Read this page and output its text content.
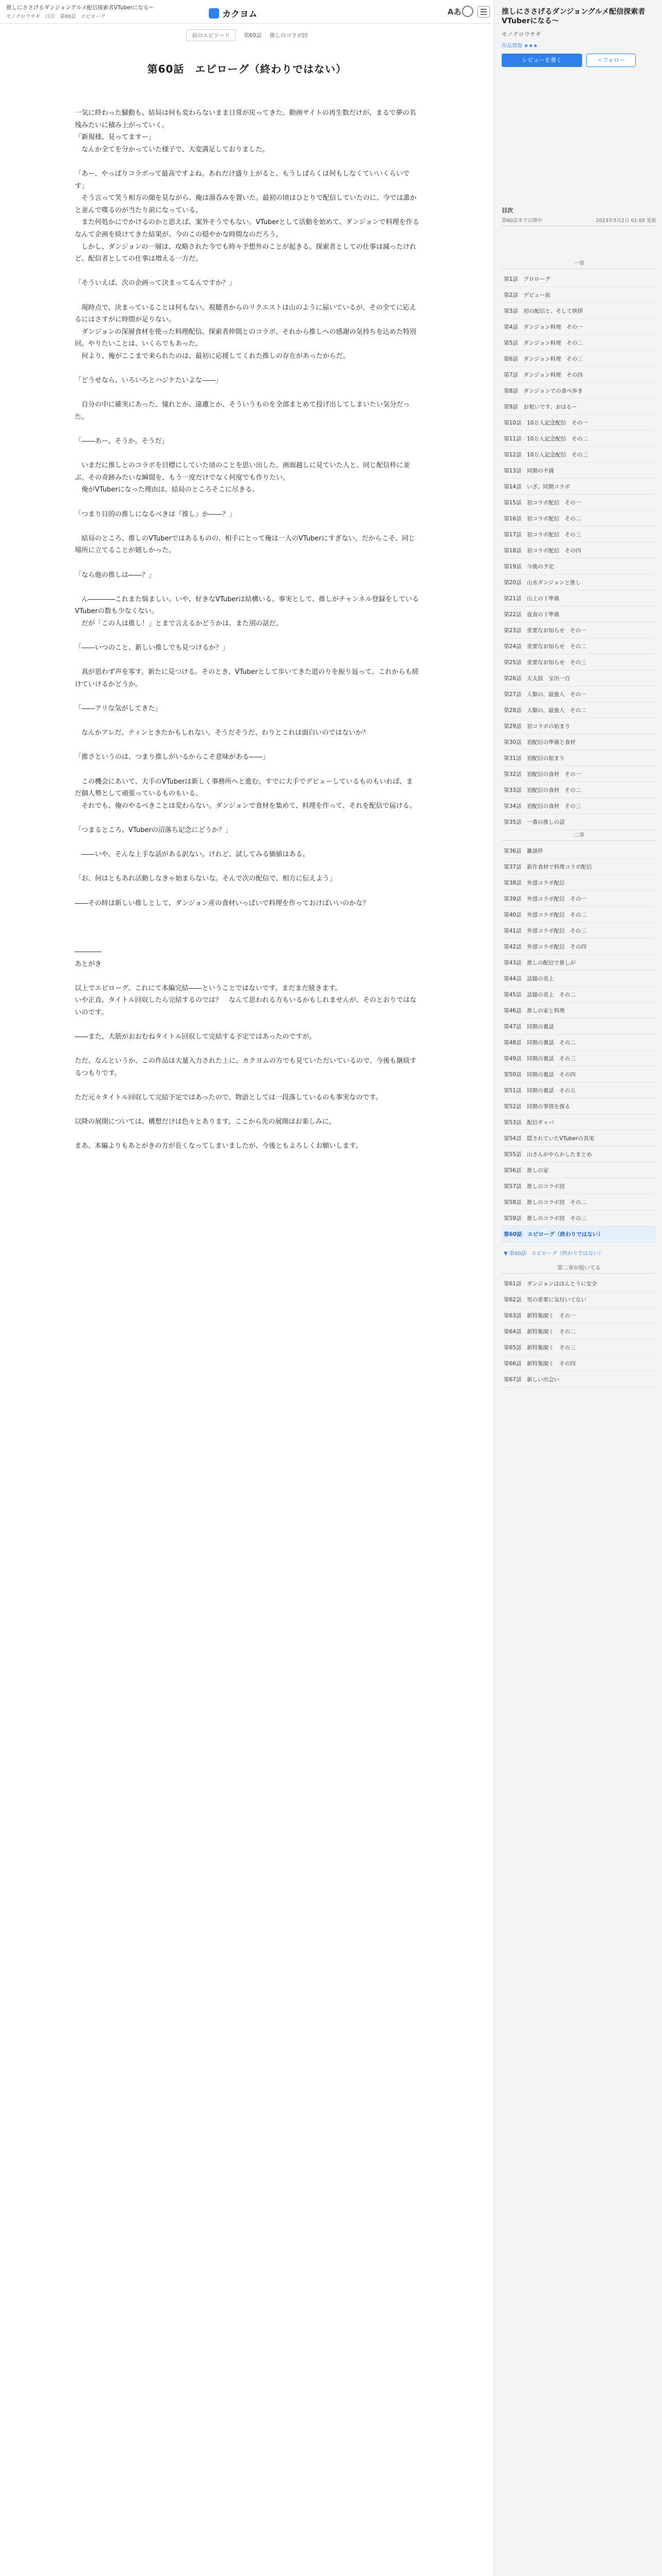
推しにささげるダンジョングルメ配信探索者VTuberになる〜
モノクロウサギ　目次　第60話　エピローグ	カクヨム	Aあ
前のエピソード	第60話 推しのコラボ回
第60話　エピローグ（終わりではない）

一気に終わった騒動も、結局は何も変わらないまま日常が戻ってきた。動画サイトの再生数だけが、まるで夢の名残みたいに積み上がっていく。

「新規様、見ってますー」

　なんか全てを分かっていた様子で、大変満足しておりました。

「あー、やっぱりコラボって最高ですよね。あれだけ盛り上がると、もうしばらくは何もしなくていいくらいです」

　そう言って笑う相方の顔を見ながら、俺は湯呑みを置いた。最初の頃はひとりで配信していたのに、今では誰かと並んで喋るのが当たり前になっている。

　また何処かにでかけるのかと思えば、案外そうでもない。VTuberとして活動を始めて、ダンジョンで料理を作るなんて企画を続けてきた結果が、今のこの穏やかな時間なのだろう。

　しかし、ダンジョンの一層は、攻略された今でも時々予想外のことが起きる。探索者としての仕事は減ったけれど、配信者としての仕事は増える一方だ。

「そういえば、次の企画って決まってるんですか？」

　現時点で、決まっていることは何もない。視聴者からのリクエストは山のように届いているが、その全てに応えるにはさすがに時間が足りない。

　ダンジョンの深層食材を使った料理配信、探索者仲間とのコラボ、それから推しへの感謝の気持ちを込めた特別回。やりたいことは、いくらでもあった。

　何より、俺がここまで来られたのは、最初に応援してくれた推しの存在があったからだ。

「どうせなら、いろいろとハジケたいよな――」

　自分の中に確実にあった、憧れとか、遠慮とか、そういうものを全部まとめて投げ出してしまいたい気分だった。

「――あー、そうか。そうだ」

　いまだに推しとのコラボを目標にしていた頃のことを思い出した。画面越しに見ていた人と、同じ配信枠に並ぶ。その奇跡みたいな瞬間を、もう一度だけでなく何度でも作りたい。

　俺がVTuberになった理由は、結局のところそこに尽きる。

「つまり目的の推しになるべきは『推し』か――？」

　結局のところ、推しのVTuberではあるものの、相手にとって俺は一人のVTuberにすぎない。だからこそ、同じ場所に立てることが嬉しかった。

「なら他の推しは――？」

　ん――――これまた悩ましい。いや、好きなVTuberは結構いる。事実として、推しがチャンネル登録をしているVTuberの数も少なくない。

　だが「この人は推し！」とまで言えるかどうかは、また別の話だ。

「――いつのこと、新しい推しでも見つけるか？」

　真が思わず声を零す。新たに見つける。そのとき、VTuberとして歩いてきた道のりを振り返って、これからも続けていけるかどうか。

「――アリな気がしてきた」

　なんかアレだ、ティンときたかもしれない。そうだそうだ、わりとこれは面白いのではないか？

「推さというのは、つまり推しがいるからこそ意味がある――」

　この機会にあいて、大手のVTuberは新しく事務所へと進む。すでに大手でデビューしているものもいれば、まだ個人勢として頑張っているものもいる。

　それでも、俺のやるべきことは変わらない。ダンジョンで食材を集めて、料理を作って、それを配信で届ける。

「つまるところ、VTuberの沼落ち記念にどうか？」

　――いや、そんな上手な話がある訳ない。けれど、試してみる価値はある。

「お、何はともあれ活動しなきゃ始まらないな。そんで次の配信で、相方に伝えよう」

――その時は新しい推しとして、ダンジョン産の食材いっぱいで料理を作っておけばいいのかな？

――――

あとがき

以上でエピローグ、これにて本編完結――ということではないです。まだまだ続きます。

いや正直、タイトル回収したら完結するのでは？　なんて思われる方もいるかもしれませんが、そのとおりではないのです。

――また、大筋がおおむねタイトル回収して完結する予定ではあったのですが。

ただ、なんというか、この作品は大量入力された上に、カクヨムの方でも見ていただいているので、今後も継続するつもりです。

ただ元々タイトル回収して完結予定ではあったので、物語としては一段落しているのも事実なのです。

以降の展開については、構想だけは色々とあります。ここから先の展開はお楽しみに。

まあ、本編よりもあとがきの方が長くなってしまいましたが、今後ともよろしくお願いします。

推しにささげるダンジョングルメ配信探索者VTuberになる〜
モノクロウサギ
作品情報 ★★★
レビューを書く	＋フォロー
目次
第60話まで公開中	2023年5月2日 01:00 更新
一章
第1話　プロローグ
第2話　デビュー前
第3話　初の配信と、そして挨拶
第4話　ダンジョン料理　その一
第5話　ダンジョン料理　その二
第6話　ダンジョン料理　その三
第7話　ダンジョン料理　その四
第8話　ダンジョンでの食べ歩き
第9話　お祝いです、おはるー
第10話　10万人記念配信　その一
第11話　10万人記念配信　その二
第12話　10万人記念配信　その三
第13話　同期の不満
第14話　いざ、同期コラボ
第15話　初コラボ配信　その一
第16話　初コラボ配信　その二
第17話　初コラボ配信　その三
第18話　初コラボ配信　その四
第19話　今後の予定
第20話　山水ダンジョンと推し
第21話　山上の下準備
第22話　夜食の下準備
第23話　重要なお知らせ　その一
第24話　重要なお知らせ　その二
第25話　重要なお知らせ　その三
第26話　大太鼓　宝出一百
第27話　人類の、最強人　その一
第28話　人類の、最強人　その二
第29話　初コラボの始まり
第30話　初配信の準備と食材
第31話　初配信の始まり
第32話　初配信の食材　その一
第33話　初配信の食材　その二
第34話　初配信の食材　その三
第35話　一番の推しの話
二章
第36話　雑談枠
第37話　新作食材で料理コラボ配信
第38話　外部コラボ配信
第39話　外部コラボ配信　その一
第40話　外部コラボ配信　その二
第41話　外部コラボ配信　その三
第42話　外部コラボ配信　その四
第43話　推しの配信で推しが
第44話　話題の炎上
第45話　話題の炎上　その二
第46話　推しの家と料理
第47話　同期の裏話
第48話　同期の裏話　その二
第49話　同期の裏話　その三
第50話　同期の裏話　その四
第51話　同期の裏話　その五
第52話　同期の事情を探る
第53話　配信ギャバ
第54話　隠されていたVTuberの真実
第55話　山さんがやらかしたまとめ
第56話　推しの家
第57話　推しのコラボ回
第58話　推しのコラボ回　その二
第59話　推しのコラボ回　その三
第60話　エピローグ（終わりではない）
▼ 第60話　エピローグ（終わりではない）
第二章が続いてる
第61話　ダンジョンはほんとうに安全
第62話　男の重要に気付いてない
第63話　新特集開く　その一
第64話　新特集開く　その二
第65話　新特集開く　その三
第66話　新特集開く　その四
第67話　新しい出会い
